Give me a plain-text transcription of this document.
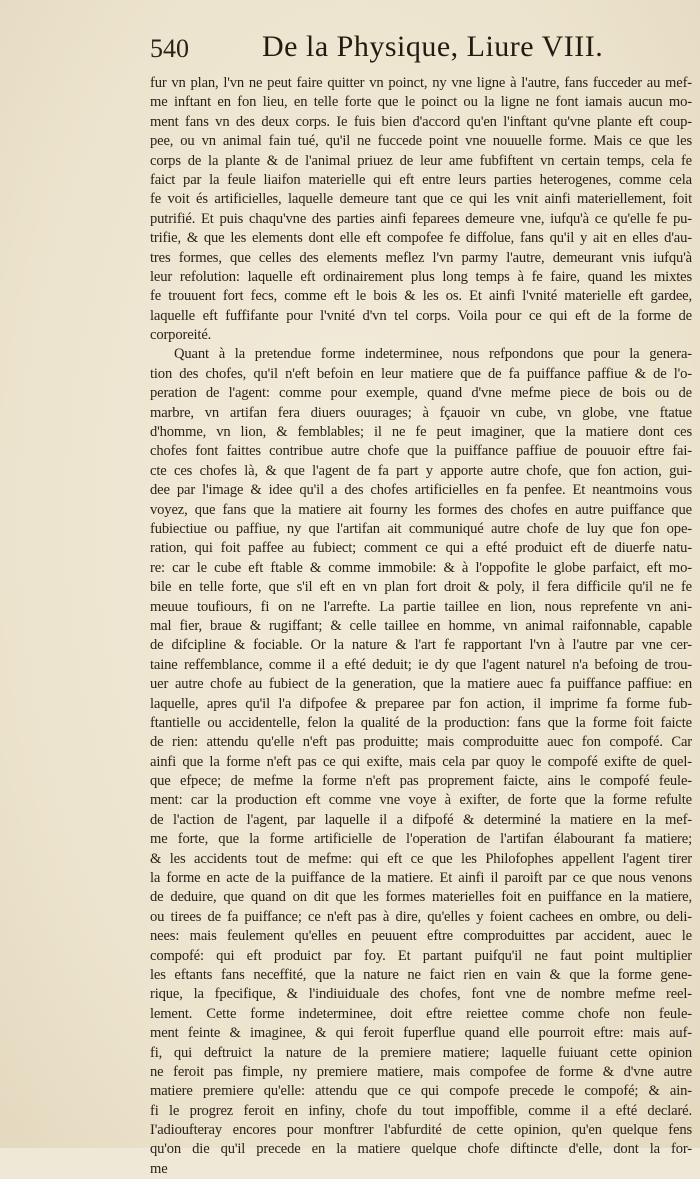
540 De la Physique, Liure VIII.
fur vn plan, l'vn ne peut faire quitter vn poinct, ny vne ligne à l'autre, fans fucceder au mef-
me inftant en fon lieu, en telle forte que le poinct ou la ligne ne font iamais aucun mo-
ment fans vn des deux corps. Ie fuis bien d'accord qu'en l'inftant qu'vne plante eft coup-
pee, ou vn animal fain tué, qu'il ne fuccede point vne nouuelle forme. Mais ce que les
corps de la plante & de l'animal priuez de leur ame fubfiftent vn certain temps, cela fe
faict par la feule liaifon materielle qui eft entre leurs parties heterogenes, comme cela
fe voit és artificielles, laquelle demeure tant que ce qui les vnit ainfi materiellement, foit
putrifié. Et puis chaqu'vne des parties ainfi feparees demeure vne, iufqu'à ce qu'elle fe pu-
trifie, & que les elements dont elle eft compofee fe diffolue, fans qu'il y ait en elles d'au-
tres formes, que celles des elements meflez l'vn parmy l'autre, demeurant vnis iufqu'à
leur refolution: laquelle eft ordinairement plus long temps à fe faire, quand les mixtes
fe trouuent fort fecs, comme eft le bois & les os. Et ainfi l'vnité materielle eft gardee,
laquelle eft fuffifante pour l'vnité d'vn tel corps. Voila pour ce qui eft de la forme de
corporeité.
Quant à la pretendue forme indeterminee, nous refpondons que pour la genera-
tion des chofes, qu'il n'eft befoin en leur matiere que de fa puiffance paffiue & de l'o-
peration de l'agent: comme pour exemple, quand d'vne mefme piece de bois ou de
marbre, vn artifan fera diuers ouurages; à fçauoir vn cube, vn globe, vne ftatue
d'homme, vn lion, & femblables; il ne fe peut imaginer, que la matiere dont ces
chofes font faittes contribue autre chofe que la puiffance paffiue de pouuoir eftre fai-
cte ces chofes là, & que l'agent de fa part y apporte autre chofe, que fon action, gui-
dee par l'image & idee qu'il a des chofes artificielles en fa penfee. Et neantmoins vous
voyez, que fans que la matiere ait fourny les formes des chofes en autre puiffance que
fubiectiue ou paffiue, ny que l'artifan ait communiqué autre chofe de luy que fon ope-
ration, qui foit paffee au fubiect; comment ce qui a efté produict eft de diuerfe natu-
re: car le cube eft ftable & comme immobile: & à l'oppofite le globe parfaict, eft mo-
bile en telle forte, que s'il eft en vn plan fort droit & poly, il fera difficile qu'il ne fe
meuue toufiours, fi on ne l'arrefte. La partie taillee en lion, nous reprefente vn ani-
mal fier, braue & rugiffant; & celle taillee en homme, vn animal raifonnable, capable
de difcipline & fociable. Or la nature & l'art fe rapportant l'vn à l'autre par vne cer-
taine reffemblance, comme il a efté deduit; ie dy que l'agent naturel n'a befoing de trou-
uer autre chofe au fubiect de la generation, que la matiere auec fa puiffance paffiue: en
laquelle, apres qu'il l'a difpofee & preparee par fon action, il imprime fa forme fub-
ftantielle ou accidentelle, felon la qualité de la production: fans que la forme foit faicte
de rien: attendu qu'elle n'eft pas produitte; mais comproduitte auec fon compofé. Car
ainfi que la forme n'eft pas ce qui exifte, mais cela par quoy le compofé exifte de quel-
que efpece; de mefme la forme n'eft pas proprement faicte, ains le compofé feule-
ment: car la production eft comme vne voye à exifter, de forte que la forme refulte
de l'action de l'agent, par laquelle il a difpofé & determiné la matiere en la mef-
me forte, que la forme artificielle de l'operation de l'artifan élabourant fa matiere;
& les accidents tout de mefme: qui eft ce que les Philofophes appellent l'agent tirer
la forme en acte de la puiffance de la matiere. Et ainfi il paroift par ce que nous venons
de deduire, que quand on dit que les formes materielles foit en puiffance en la matiere,
ou tirees de fa puiffance; ce n'eft pas à dire, qu'elles y foient cachees en ombre, ou deli-
nees: mais feulement qu'elles en peuuent eftre comproduittes par accident, auec le
compofé: qui eft produict par foy. Et partant puifqu'il ne faut point multiplier
les eftants fans neceffité, que la nature ne faict rien en vain & que la forme gene-
rique, la fpecifique, & l'indiuiduale des chofes, font vne de nombre mefme reel-
lement. Cette forme indeterminee, doit eftre reiettee comme chofe non feule-
ment feinte & imaginee, & qui feroit fuperflue quand elle pourroit eftre: mais auf-
fi, qui deftruict la nature de la premiere matiere; laquelle fuiuant cette opinion
ne feroit pas fimple, ny premiere matiere, mais compofee de forme & d'vne autre
matiere premiere qu'elle: attendu que ce qui compofe precede le compofé; & ain-
fi le progrez feroit en infiny, chofe du tout impoffible, comme il a efté declaré.
I'adioufteray encores pour monftrer l'abfurdité de cette opinion, qu'en quelque fens
qu'on die qu'il precede en la matiere quelque chofe diftincte d'elle, dont la for-
me
